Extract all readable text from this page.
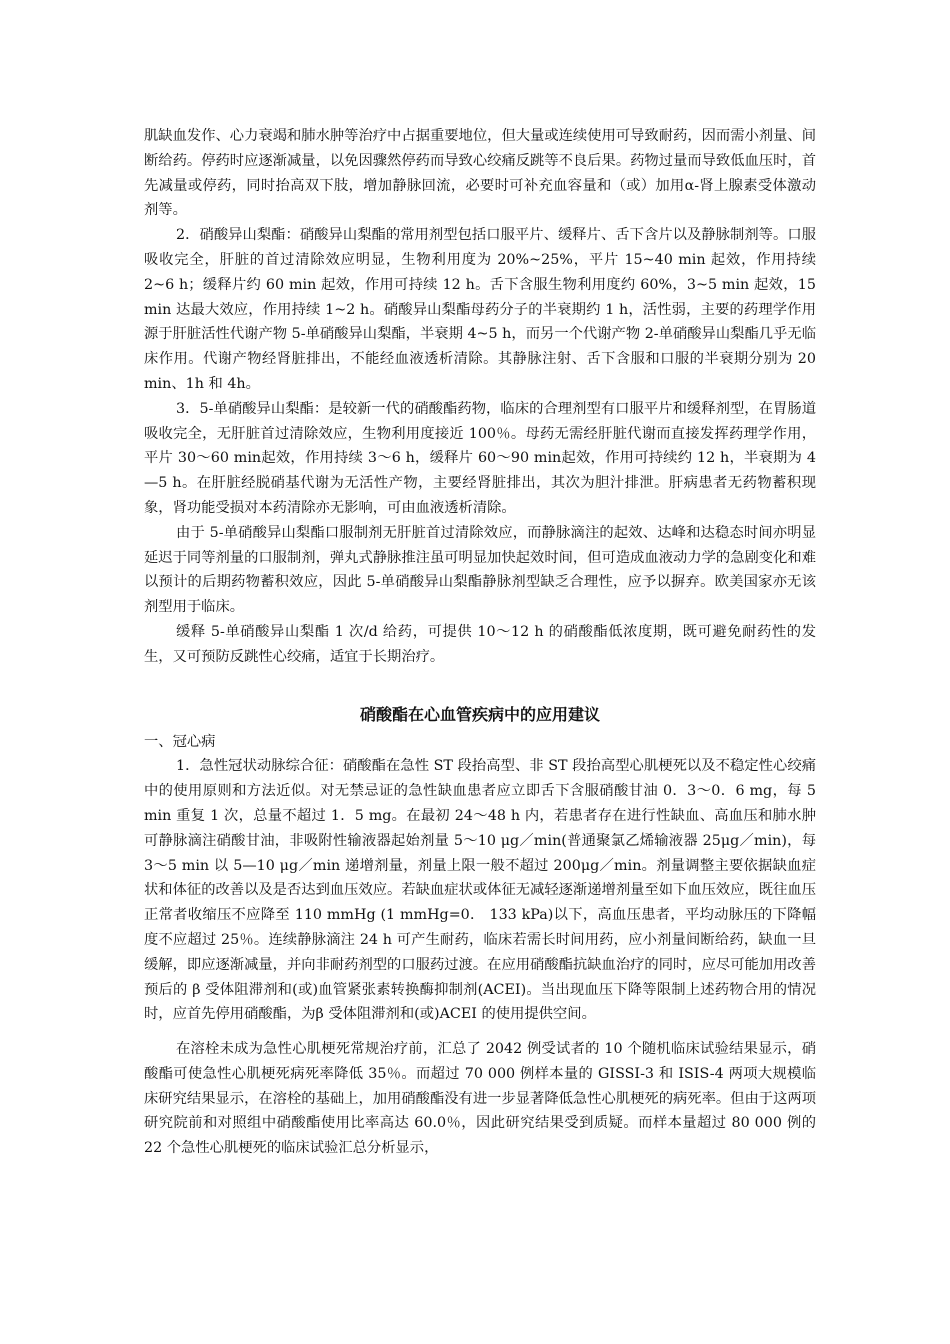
肌缺血发作、心力衰竭和肺水肿等治疗中占据重要地位，但大量或连续使用可导致耐药，因而需小剂量、间断给药。停药时应逐渐减量，以免因骤然停药而导致心绞痛反跳等不良后果。药物过量而导致低血压时，首先减量或停药，同时抬高双下肢，增加静脉回流，必要时可补充血容量和（或）加用α-肾上腺素受体激动剂等。

2．硝酸异山梨酯：硝酸异山梨酯的常用剂型包括口服平片、缓释片、舌下含片以及静脉制剂等。口服吸收完全，肝脏的首过清除效应明显，生物利用度为 20%~25%，平片 15~40 min 起效，作用持续 2~6 h；缓释片约 60 min 起效，作用可持续 12 h。舌下含服生物利用度约 60%，3~5 min 起效，15 min 达最大效应，作用持续 1~2 h。硝酸异山梨酯母药分子的半衰期约 1 h，活性弱，主要的药理学作用源于肝脏活性代谢产物 5-单硝酸异山梨酯，半衰期 4~5 h，而另一个代谢产物 2-单硝酸异山梨酯几乎无临床作用。代谢产物经肾脏排出，不能经血液透析清除。其静脉注射、舌下含服和口服的半衰期分别为 20 min、1h 和 4h。

3．5-单硝酸异山梨酯：是较新一代的硝酸酯药物，临床的合理剂型有口服平片和缓释剂型，在胃肠道吸收完全，无肝脏首过清除效应，生物利用度接近 100％。母药无需经肝脏代谢而直接发挥药理学作用，平片 30～60 min起效，作用持续 3～6 h，缓释片 60～90 min起效，作用可持续约 12 h，半衰期为 4—5 h。在肝脏经脱硝基代谢为无活性产物，主要经肾脏排出，其次为胆汁排泄。肝病患者无药物蓄积现象，肾功能受损对本药清除亦无影响，可由血液透析清除。

由于 5-单硝酸异山梨酯口服制剂无肝脏首过清除效应，而静脉滴注的起效、达峰和达稳态时间亦明显延迟于同等剂量的口服制剂，弹丸式静脉推注虽可明显加快起效时间，但可造成血液动力学的急剧变化和难以预计的后期药物蓄积效应，因此 5-单硝酸异山梨酯静脉剂型缺乏合理性，应予以摒弃。欧美国家亦无该剂型用于临床。

缓释 5-单硝酸异山梨酯 1 次/d 给药，可提供 10～12 h 的硝酸酯低浓度期，既可避免耐药性的发生，又可预防反跳性心绞痛，适宜于长期治疗。

硝酸酯在心血管疾病中的应用建议

一、冠心病

1．急性冠状动脉综合征：硝酸酯在急性 ST 段抬高型、非 ST 段抬高型心肌梗死以及不稳定性心绞痛中的使用原则和方法近似。对无禁忌证的急性缺血患者应立即舌下含服硝酸甘油 0．3～0．6 mg，每 5 min 重复 1 次，总量不超过 1．5 mg。在最初 24～48 h 内，若患者存在进行性缺血、高血压和肺水肿可静脉滴注硝酸甘油，非吸附性输液器起始剂量 5～10 μg／min(普通聚氯乙烯输液器 25μg／min)，每 3～5 min 以 5—10 μg／min 递增剂量，剂量上限一般不超过 200μg／min。剂量调整主要依据缺血症状和体征的改善以及是否达到血压效应。若缺血症状或体征无减轻逐渐递增剂量至如下血压效应，既往血压正常者收缩压不应降至 110 mmHg (1 mmHg=0． 133 kPa)以下，高血压患者，平均动脉压的下降幅度不应超过 25％。连续静脉滴注 24 h 可产生耐药，临床若需长时间用药，应小剂量间断给药，缺血一旦缓解，即应逐渐减量，并向非耐药剂型的口服药过渡。在应用硝酸酯抗缺血治疗的同时，应尽可能加用改善预后的 β 受体阻滞剂和(或)血管紧张素转换酶抑制剂(ACEI)。当出现血压下降等限制上述药物合用的情况时，应首先停用硝酸酯，为β 受体阻滞剂和(或)ACEI 的使用提供空间。

在溶栓未成为急性心肌梗死常规治疗前，汇总了 2042 例受试者的 10 个随机临床试验结果显示，硝酸酯可使急性心肌梗死病死率降低 35％。而超过 70 000 例样本量的 GISSI-3 和 ISIS-4 两项大规模临床研究结果显示，在溶栓的基础上，加用硝酸酯没有进一步显著降低急性心肌梗死的病死率。但由于这两项研究院前和对照组中硝酸酯使用比率高达 60.0％，因此研究结果受到质疑。而样本量超过 80 000 例的 22 个急性心肌梗死的临床试验汇总分析显示，
